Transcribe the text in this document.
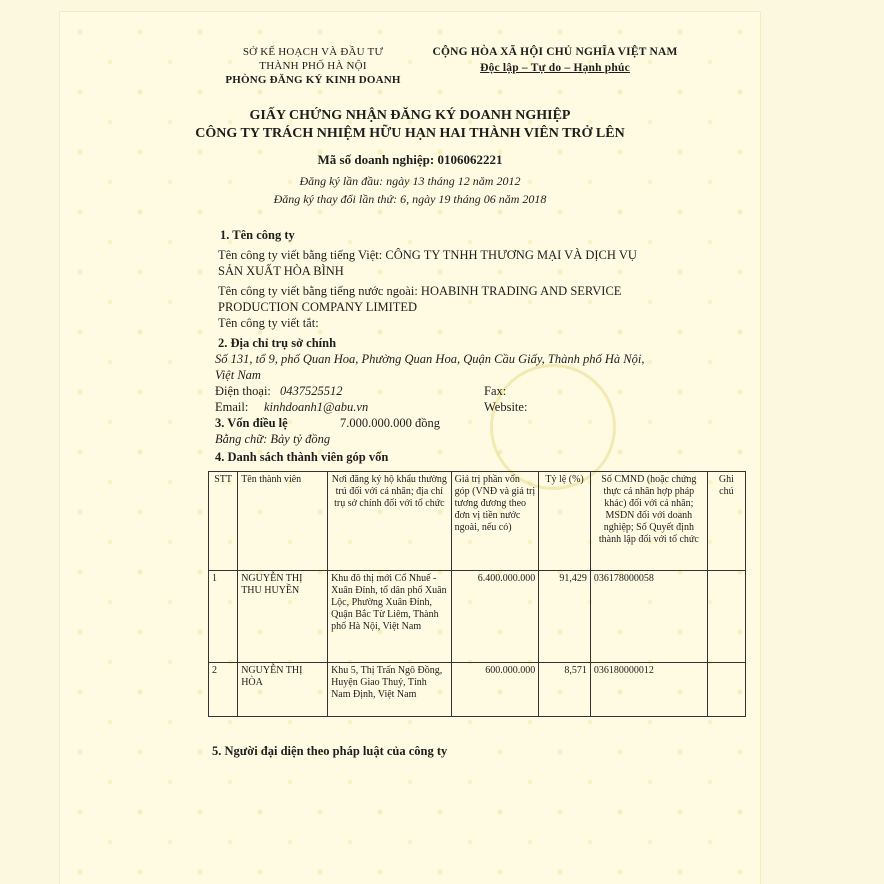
SỞ KẾ HOẠCH VÀ ĐẦU TƯ
THÀNH PHỐ HÀ NỘI
PHÒNG ĐĂNG KÝ KINH DOANH
CỘNG HÒA XÃ HỘI CHỦ NGHĨA VIỆT NAM
Độc lập – Tự do – Hạnh phúc
GIẤY CHỨNG NHẬN ĐĂNG KÝ DOANH NGHIỆP
CÔNG TY TRÁCH NHIỆM HỮU HẠN HAI THÀNH VIÊN TRỞ LÊN
Mã số doanh nghiệp: 0106062221
Đăng ký lần đầu: ngày 13 tháng 12 năm 2012
Đăng ký thay đổi lần thứ: 6, ngày 19 tháng 06 năm 2018
1. Tên công ty
Tên công ty viết bằng tiếng Việt: CÔNG TY TNHH THƯƠNG MẠI VÀ DỊCH VỤ
SẢN XUẤT HÒA BÌNH
Tên công ty viết bằng tiếng nước ngoài: HOABINH TRADING AND SERVICE
PRODUCTION COMPANY LIMITED
Tên công ty viết tắt:
2. Địa chỉ trụ sở chính
Số 131, tổ 9, phố Quan Hoa, Phường Quan Hoa, Quận Cầu Giấy, Thành phố Hà Nội,
Việt Nam
Điện thoại: 0437525512	Fax:
Email: kinhdoanh1@abu.vn	Website:
3. Vốn điều lệ	7.000.000.000 đồng
Bằng chữ: Bảy tỷ đồng
4. Danh sách thành viên góp vốn
STT	Tên thành viên	Nơi đăng ký hộ khẩu thường trú đối với cá nhân; địa chỉ trụ sở chính đối với tổ chức	Giá trị phần vốn góp (VNĐ và giá trị tương đương theo đơn vị tiền nước ngoài, nếu có)	Tỷ lệ (%)	Số CMND (hoặc chứng thực cá nhân hợp pháp khác) đối với cá nhân; MSDN đối với doanh nghiệp; Số Quyết định thành lập đối với tổ chức	Ghi chú
1	NGUYỄN THỊ THU HUYỀN	Khu đô thị mới Cổ Nhuế - Xuân Đỉnh, tổ dân phố Xuân Lộc, Phường Xuân Đỉnh, Quận Bắc Từ Liêm, Thành phố Hà Nội, Việt Nam	6.400.000.000	91,429	036178000058	
2	NGUYỄN THỊ HÒA	Khu 5, Thị Trấn Ngô Đồng, Huyện Giao Thuỷ, Tỉnh Nam Định, Việt Nam	600.000.000	8,571	036180000012	
5. Người đại diện theo pháp luật của công ty
